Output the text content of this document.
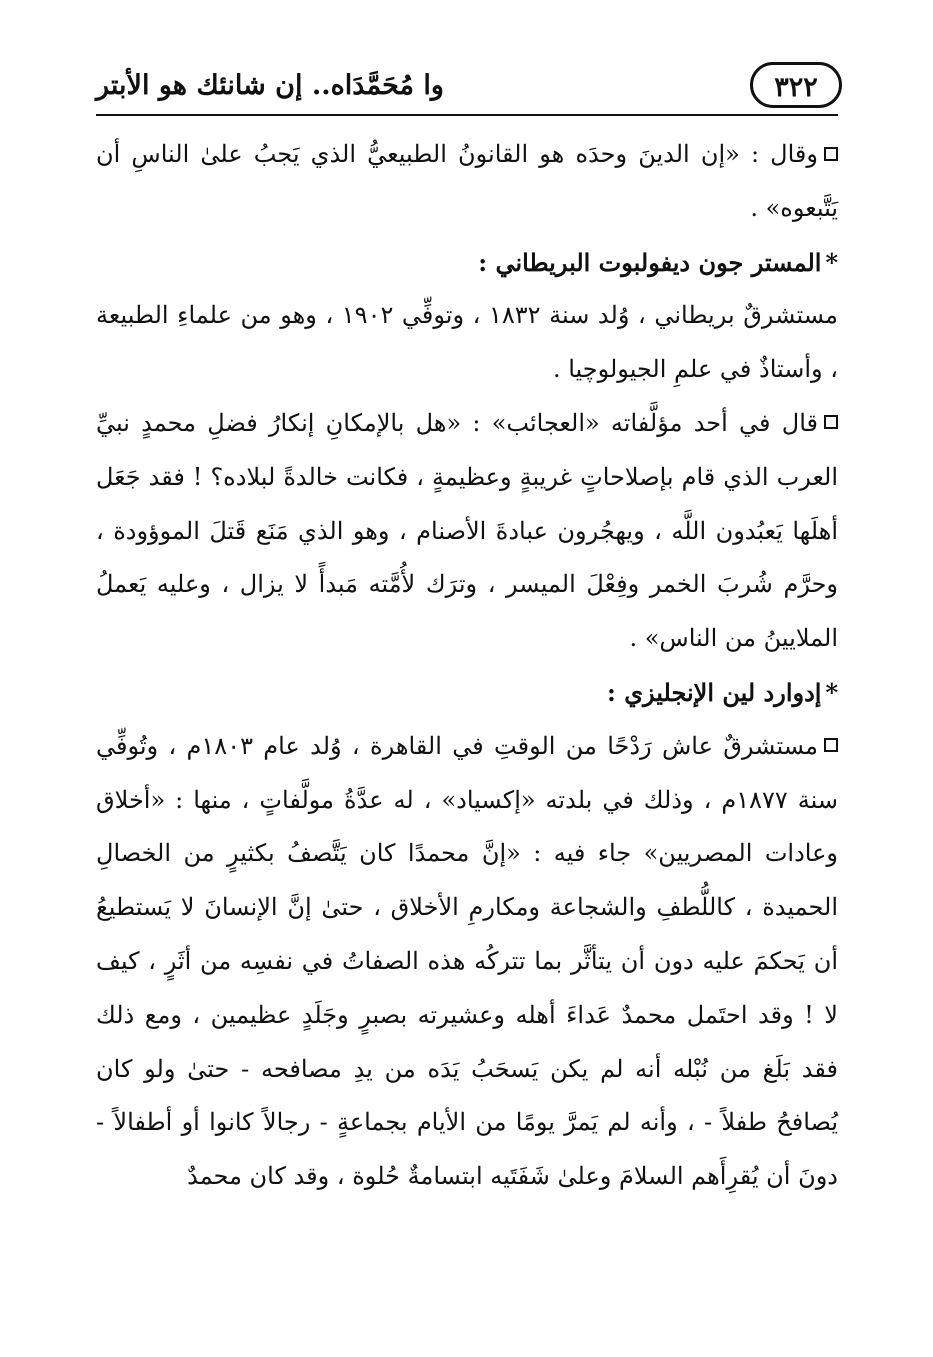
٣٢٢
وا مُحَمَّدَاه.. إن شانئك هو الأبتر

وقال : «إن الدينَ وحدَه هو القانونُ الطبيعيُّ الذي يَجبُ علىٰ الناسِ أن يَتَّبعوه» .

*المستر جون ديفولبوت البريطاني :

مستشرقٌ بريطاني ، وُلد سنة ١٨٣٢ ، وتوفِّي ١٩٠٢ ، وهو من علماءِ الطبيعة ، وأستاذٌ في علمِ الجيولوچيا .

قال في أحد مؤلَّفاته «العجائب» : «هل بالإمكانِ إنكارُ فضلِ محمدٍ نبيِّ العرب الذي قام بإصلاحاتٍ غريبةٍ وعظيمةٍ ، فكانت خالدةً لبلاده؟ ! فقد جَعَل أهلَها يَعبُدون اللَّه ، ويهجُرون عبادةَ الأصنام ، وهو الذي مَنَع قَتلَ الموؤودة ، وحرَّم شُربَ الخمر وفِعْلَ الميسر ، وترَك لأُمَّته مَبدأً لا يزال ، وعليه يَعملُ الملايينُ من الناس» .

*إدوارد لين الإنجليزي :

مستشرقٌ عاش رَدْحًا من الوقتِ في القاهرة ، وُلد عام ١٨٠٣م ، وتُوفِّي سنة ١٨٧٧م ، وذلك في بلدته «إكسياد» ، له عدَّةُ مولَّفاتٍ ، منها : «أخلاق وعادات المصريين» جاء فيه : «إنَّ محمدًا كان يَتَّصفُ بكثيرٍ من الخصالِ الحميدة ، كاللُّطفِ والشجاعة ومكارمِ الأخلاق ، حتىٰ إنَّ الإنسانَ لا يَستطيعُ أن يَحكمَ عليه دون أن يتأثَّر بما تتركُه هذه الصفاتُ في نفسِه من أثَرٍ ، كيف لا ! وقد احتَمل محمدٌ عَداءَ أهله وعشيرته بصبرٍ وجَلَدٍ عظيمين ، ومع ذلك فقد بَلَغ من نُبْله أنه لم يكن يَسحَبُ يَدَه من يدِ مصافحه - حتىٰ ولو كان يُصافحُ طفلاً - ، وأنه لم يَمرَّ يومًا من الأيام بجماعةٍ - رجالاً كانوا أو أطفالاً - دونَ أن يُقرِأَهم السلامَ وعلىٰ شَفَتَيه ابتسامةٌ حُلوة ، وقد كان محمدٌ
